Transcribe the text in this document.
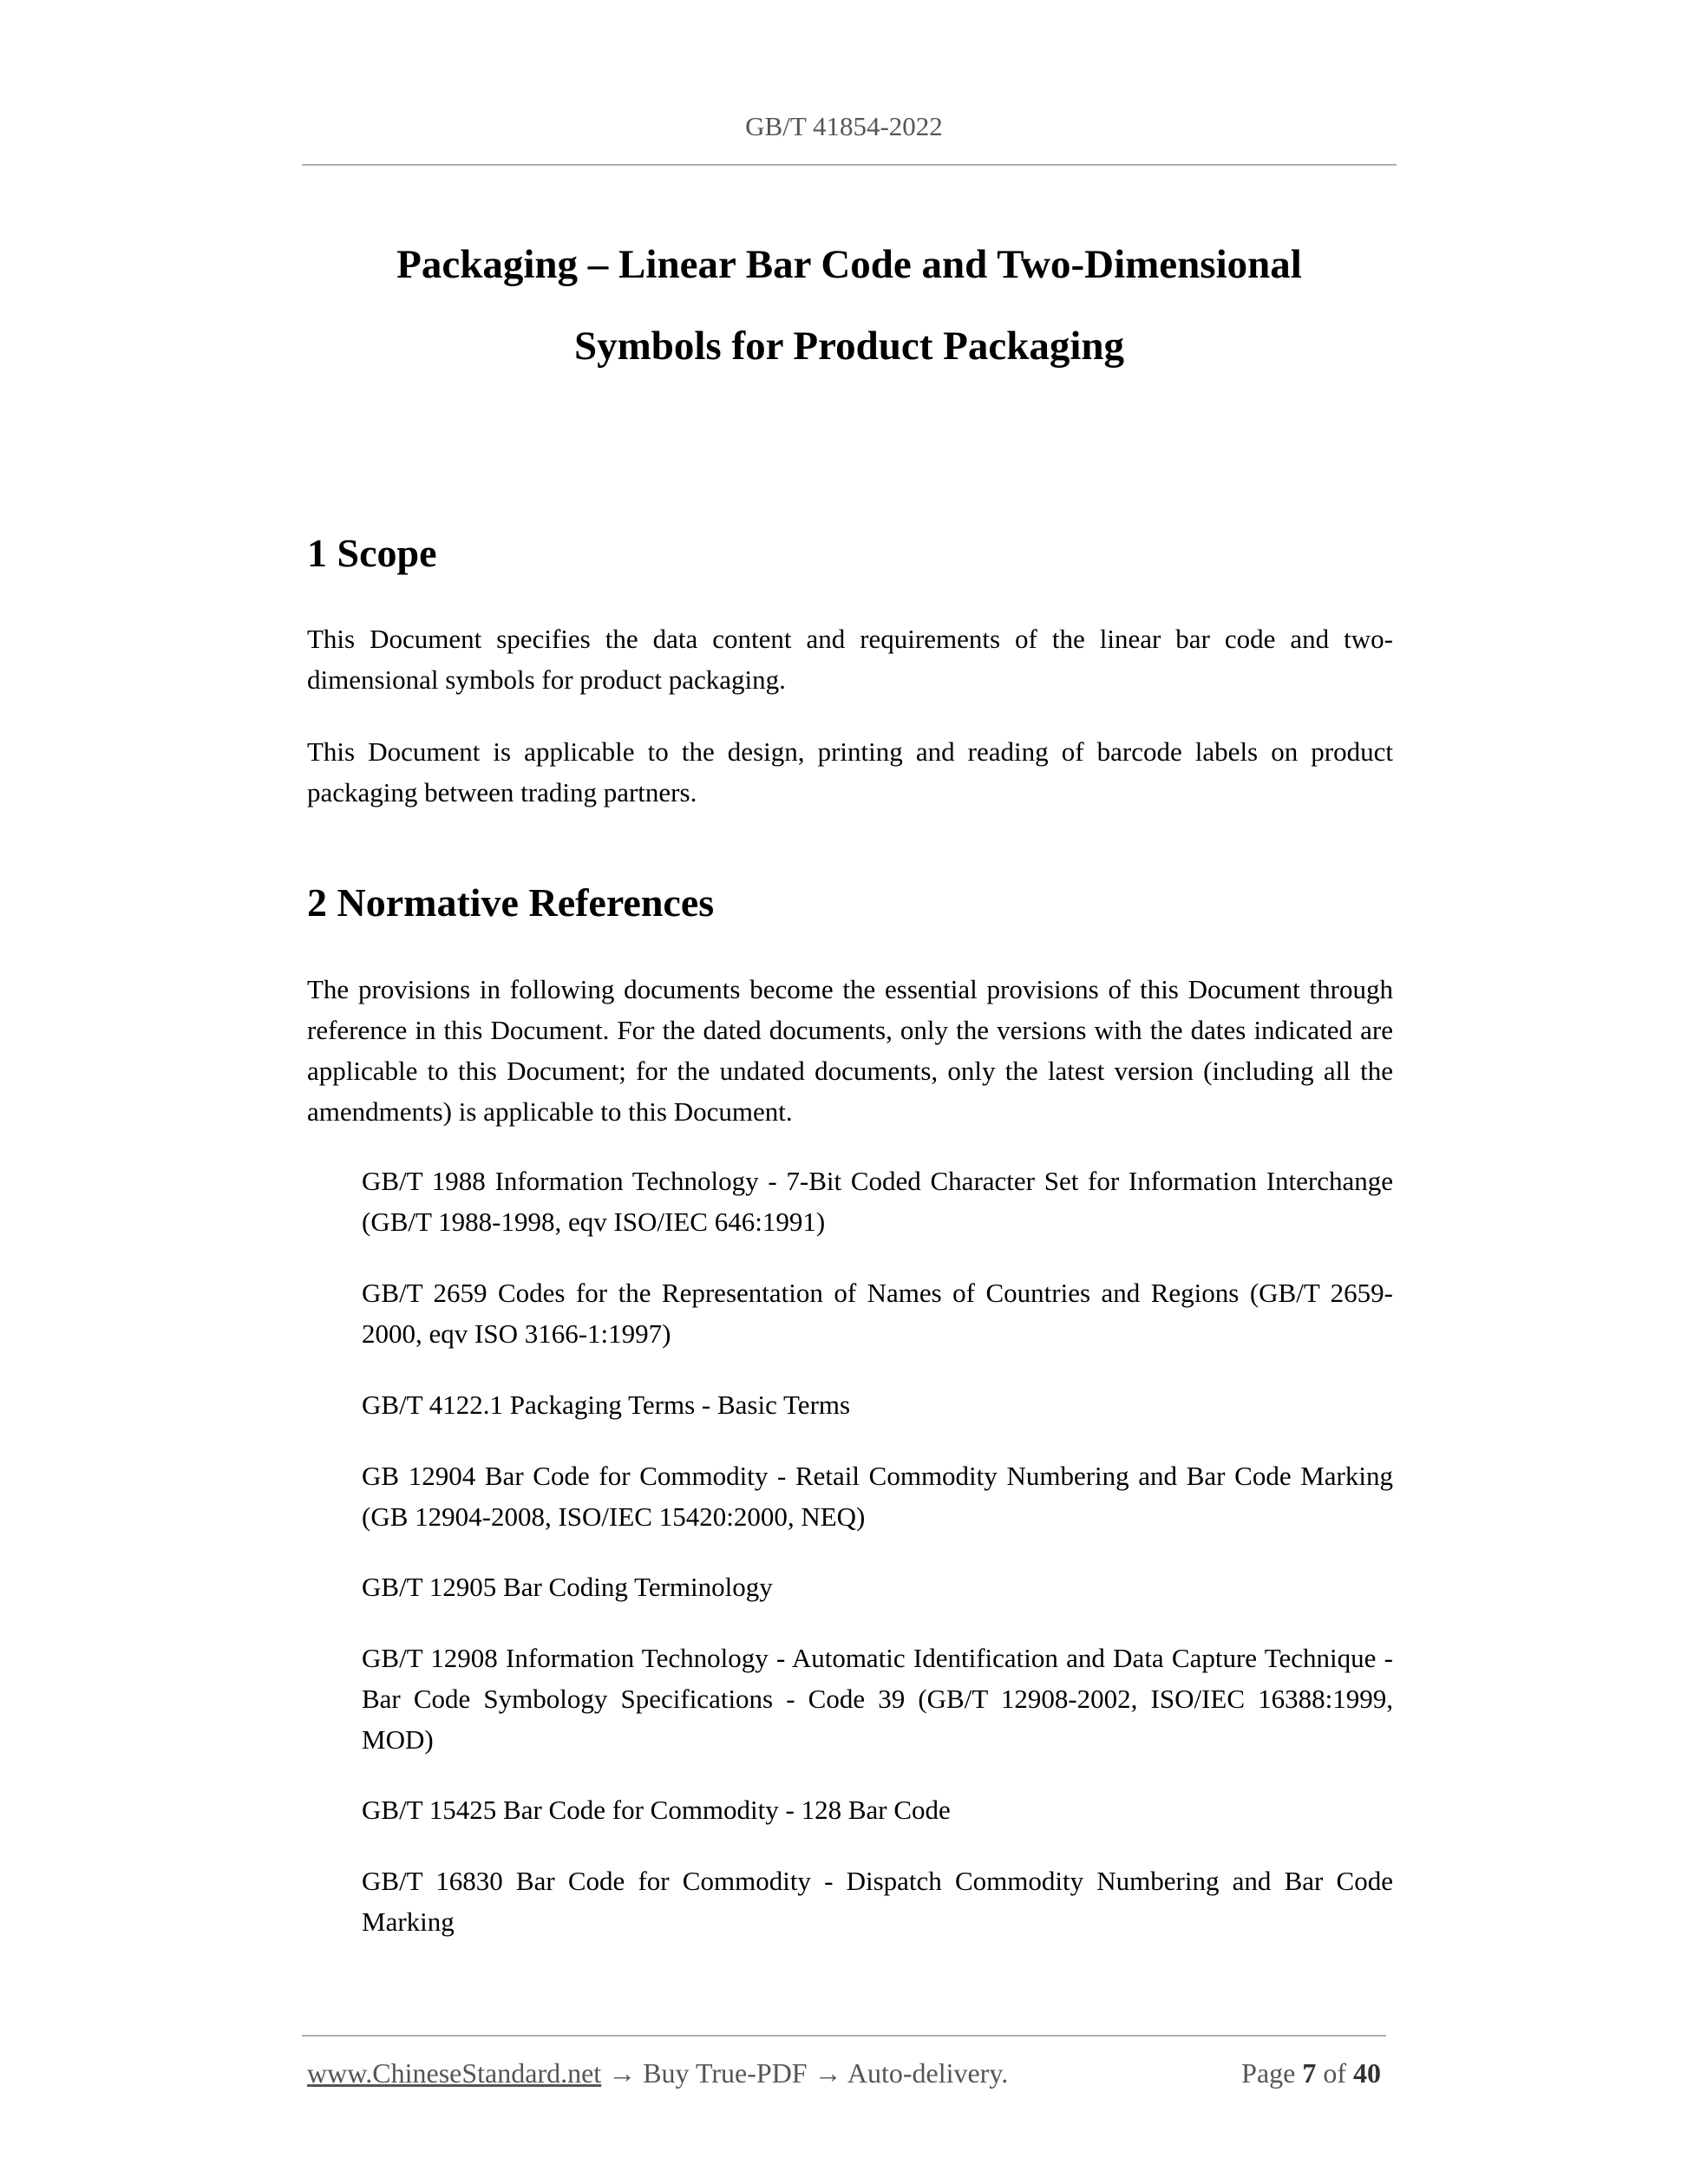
GB/T 41854-2022
Packaging – Linear Bar Code and Two-Dimensional
Symbols for Product Packaging
1 Scope

This Document specifies the data content and requirements of the linear bar code and two-dimensional symbols for product packaging.

This Document is applicable to the design, printing and reading of barcode labels on product packaging between trading partners.

2 Normative References

The provisions in following documents become the essential provisions of this Document through reference in this Document. For the dated documents, only the versions with the dates indicated are applicable to this Document; for the undated documents, only the latest version (including all the amendments) is applicable to this Document.

GB/T 1988 Information Technology - 7-Bit Coded Character Set for Information Interchange (GB/T 1988-1998, eqv ISO/IEC 646:1991)

GB/T 2659 Codes for the Representation of Names of Countries and Regions (GB/T 2659-2000, eqv ISO 3166-1:1997)

GB/T 4122.1 Packaging Terms - Basic Terms

GB 12904 Bar Code for Commodity - Retail Commodity Numbering and Bar Code Marking (GB 12904-2008, ISO/IEC 15420:2000, NEQ)

GB/T 12905 Bar Coding Terminology

GB/T 12908 Information Technology - Automatic Identification and Data Capture Technique -Bar Code Symbology Specifications - Code 39 (GB/T 12908-2002, ISO/IEC 16388:1999, MOD)

GB/T 15425 Bar Code for Commodity - 128 Bar Code

GB/T 16830 Bar Code for Commodity - Dispatch Commodity Numbering and Bar Code Marking

www.ChineseStandard.net → Buy True-PDF → Auto-delivery.	Page 7 of 40
